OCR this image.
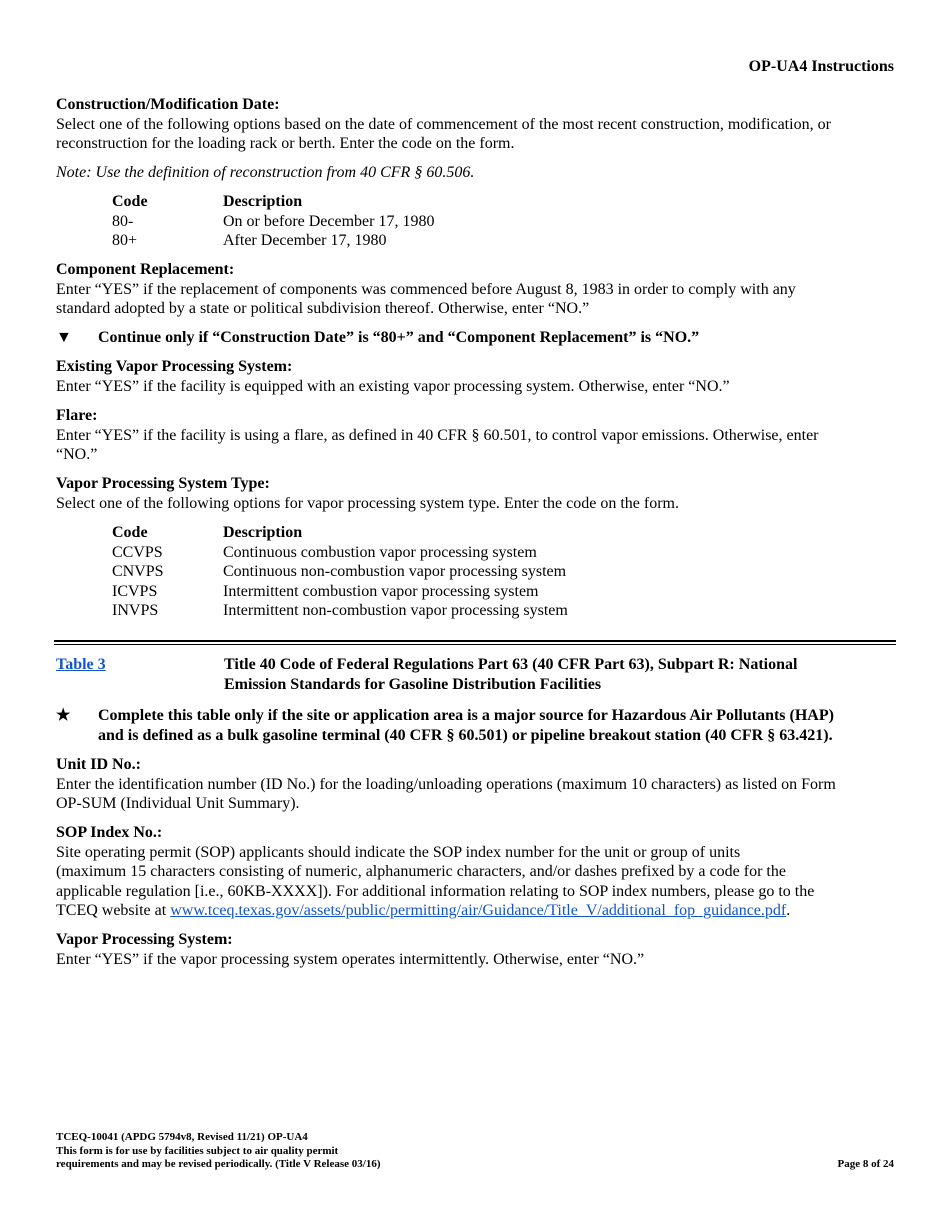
OP-UA4 Instructions
Construction/Modification Date:
Select one of the following options based on the date of commencement of the most recent construction, modification, or
reconstruction for the loading rack or berth. Enter the code on the form.
Note: Use the definition of reconstruction from 40 CFR § 60.506.
Code	Description
80-	On or before December 17, 1980
80+	After December 17, 1980
Component Replacement:
Enter “YES” if the replacement of components was commenced before August 8, 1983 in order to comply with any
standard adopted by a state or political subdivision thereof. Otherwise, enter “NO.”
▼ Continue only if “Construction Date” is “80+” and “Component Replacement” is “NO.”
Existing Vapor Processing System:
Enter “YES” if the facility is equipped with an existing vapor processing system. Otherwise, enter “NO.”
Flare:
Enter “YES” if the facility is using a flare, as defined in 40 CFR § 60.501, to control vapor emissions. Otherwise, enter
“NO.”
Vapor Processing System Type:
Select one of the following options for vapor processing system type. Enter the code on the form.
Code	Description
CCVPS	Continuous combustion vapor processing system
CNVPS	Continuous non-combustion vapor processing system
ICVPS	Intermittent combustion vapor processing system
INVPS	Intermittent non-combustion vapor processing system
Table 3	Title 40 Code of Federal Regulations Part 63 (40 CFR Part 63), Subpart R: National
Emission Standards for Gasoline Distribution Facilities
★ Complete this table only if the site or application area is a major source for Hazardous Air Pollutants (HAP)
and is defined as a bulk gasoline terminal (40 CFR § 60.501) or pipeline breakout station (40 CFR § 63.421).
Unit ID No.:
Enter the identification number (ID No.) for the loading/unloading operations (maximum 10 characters) as listed on Form
OP-SUM (Individual Unit Summary).
SOP Index No.:
Site operating permit (SOP) applicants should indicate the SOP index number for the unit or group of units
(maximum 15 characters consisting of numeric, alphanumeric characters, and/or dashes prefixed by a code for the
applicable regulation [i.e., 60KB-XXXX]). For additional information relating to SOP index numbers, please go to the
TCEQ website at www.tceq.texas.gov/assets/public/permitting/air/Guidance/Title_V/additional_fop_guidance.pdf.
Vapor Processing System:
Enter “YES” if the vapor processing system operates intermittently. Otherwise, enter “NO.”
TCEQ-10041 (APDG 5794v8, Revised 11/21) OP-UA4
This form is for use by facilities subject to air quality permit
requirements and may be revised periodically. (Title V Release 03/16)	Page 8 of 24
